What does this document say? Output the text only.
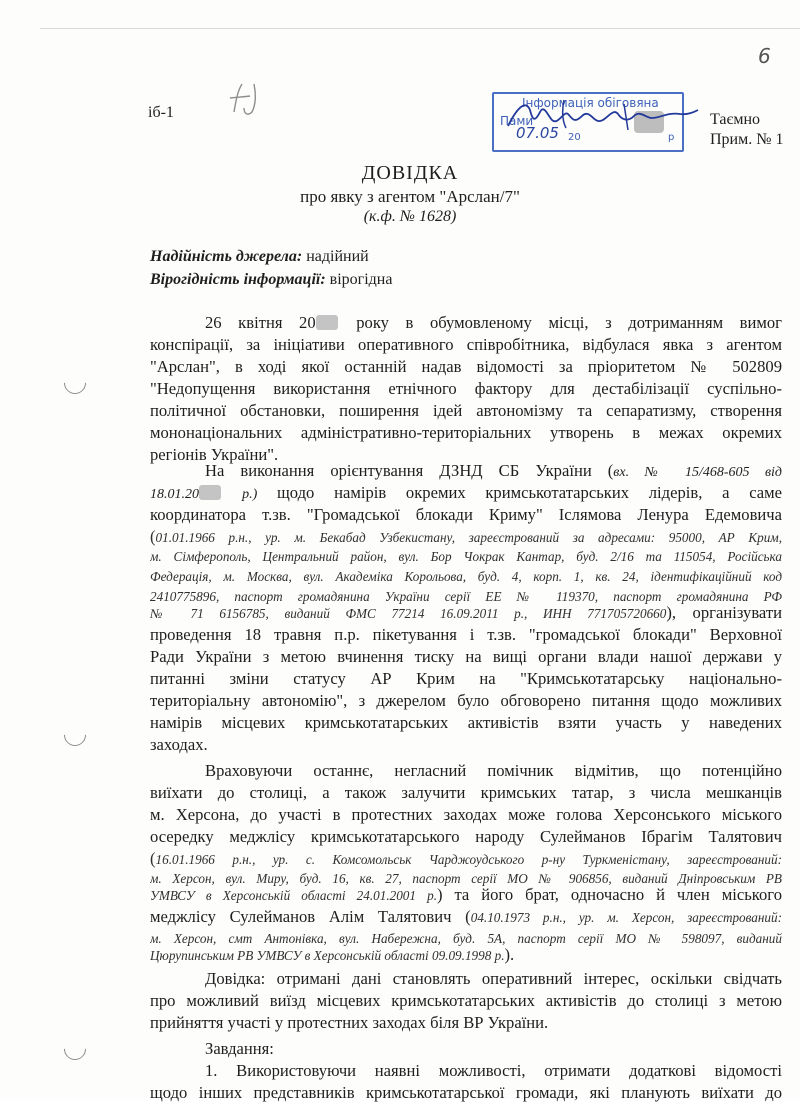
6
іб-1
Інформація обіговяна
Пами
07.05 20	р
Таємно
Прим. № 1
ДОВІДКА
про явку з агентом "Арслан/7"
(к.ф. № 1628)
Надійність джерела: надійний
Вірогідність інформації: вірогідна
26 квітня 20 року в обумовленому місці, з дотриманням вимог
конспірації, за ініціативи оперативного співробітника, відбулася явка з агентом
"Арслан", в ході якої останній надав відомості за пріоритетом № 502809
"Недопущення використання етнічного фактору для дестабілізації суспільно-
політичної обстановки, поширення ідей автономізму та сепаратизму, створення
мононаціональних адміністративно-територіальних утворень в межах окремих
регіонів України".
На виконання орієнтування ДЗНД СБ України (вх. № 15/468-605 від
18.01.20 р.) щодо намірів окремих кримськотатарських лідерів, а саме
координатора т.зв. "Громадської блокади Криму" Іслямова Ленура Едемовича
(01.01.1966 р.н., ур. м. Бекабад Узбекистану, зареєстрований за адресами: 95000, АР Крим,
м. Сімферополь, Центральний район, вул. Бор Чокрак Кантар, буд. 2/16 та 115054, Російська
Федерація, м. Москва, вул. Академіка Корольова, буд. 4, корп. 1, кв. 24, ідентифікаційний код
2410775896, паспорт громадянина України серії ЕЕ № 119370, паспорт громадянина РФ
№ 71 6156785, виданий ФМС 77214 16.09.2011 р., ИНН 771705720660), організувати
проведення 18 травня п.р. пікетування і т.зв. "громадської блокади" Верховної
Ради України з метою вчинення тиску на вищі органи влади нашої держави у
питанні зміни статусу АР Крим на "Кримськотатарську національно-
територіальну автономію", з джерелом було обговорено питання щодо можливих
намірів місцевих кримськотатарських активістів взяти участь у наведених
заходах.
Враховуючи останнє, негласний помічник відмітив, що потенційно
виїхати до столиці, а також залучити кримських татар, з числа мешканців
м. Херсона, до участі в протестних заходах може голова Херсонського міського
осередку меджлісу кримськотатарського народу Сулейманов Ібрагім Талятович
(16.01.1966 р.н., ур. с. Комсомольськ Чарджоудського р-ну Туркменістану, зареєстрований:
м. Херсон, вул. Миру, буд. 16, кв. 27, паспорт серії МО № 906856, виданий Дніпровським РВ
УМВСУ в Херсонській області 24.01.2001 р.) та його брат, одночасно й член міського
меджлісу Сулейманов Алім Талятович (04.10.1973 р.н., ур. м. Херсон, зареєстрований:
м. Херсон, смт Антонівка, вул. Набережна, буд. 5А, паспорт серії МО № 598097, виданий
Цюрупинським РВ УМВСУ в Херсонській області 09.09.1998 р.).
Довідка: отримані дані становлять оперативний інтерес, оскільки свідчать
про можливий виїзд місцевих кримськотатарських активістів до столиці з метою
прийняття участі у протестних заходах біля ВР України.
Завдання:
1. Використовуючи наявні можливості, отримати додаткові відомості
щодо інших представників кримськотатарської громади, які планують виїхати до
